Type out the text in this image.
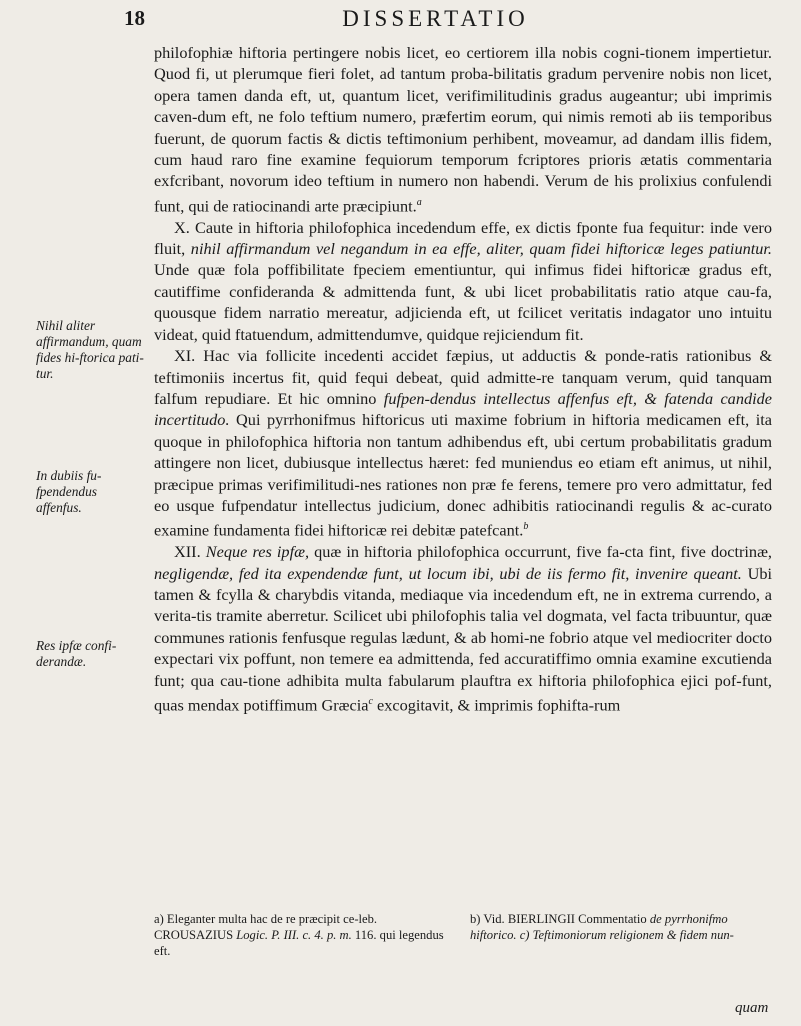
18	DISSERTATIO
Nihil aliter affirmandum, quam fides hi-ftorica pati-tur.
In dubiis fu-fpendendus affenfus.
Res ipfæ confi-derandæ.

philofophiæ hiftoria pertingere nobis licet, eo certiorem illa nobis cogni-tionem impertietur. Quod fi, ut plerumque fieri folet, ad tantum proba-bilitatis gradum pervenire nobis non licet, opera tamen danda eft, ut, quantum licet, verifimilitudinis gradus augeantur; ubi imprimis caven-dum eft, ne folo teftium numero, præfertim eorum, qui nimis remoti ab iis temporibus fuerunt, de quorum factis & dictis teftimonium perhibent, moveamur, ad dandam illis fidem, cum haud raro fine examine fequiorum temporum fcriptores prioris ætatis commentaria exfcribant, novorum ideo teftium in numero non habendi. Verum de his prolixius confulendi funt, qui de ratiocinandi arte præcipiunt.$^a$

X. Caute in hiftoria philofophica incedendum effe, ex dictis fponte fua fequitur: inde vero fluit, nihil affirmandum vel negandum in ea effe, aliter, quam fidei hiftoricæ leges patiuntur. Unde quæ fola poffibilitate fpeciem ementiuntur, qui infimus fidei hiftoricæ gradus eft, cautiffime confideranda & admittenda funt, & ubi licet probabilitatis ratio atque cau-fa, quousque fidem narratio mereatur, adjicienda eft, ut fcilicet veritatis indagator uno intuitu videat, quid ftatuendum, admittendumve, quidque rejiciendum fit.

XI. Hac via follicite incedenti accidet fæpius, ut adductis & ponde-ratis rationibus & teftimoniis incertus fit, quid fequi debeat, quid admitte-re tanquam verum, quid tanquam falfum repudiare. Et hic omnino fufpen-dendus intellectus affenfus eft, & fatenda candide incertitudo. Qui pyrrhonifmus hiftoricus uti maxime fobrium in hiftoria medicamen eft, ita quoque in philofophica hiftoria non tantum adhibendus eft, ubi certum probabilitatis gradum attingere non licet, dubiusque intellectus hæret: fed muniendus eo etiam eft animus, ut nihil, præcipue primas verifimilitudi-nes rationes non præ fe ferens, temere pro vero admittatur, fed eo usque fufpendatur intellectus judicium, donec adhibitis ratiocinandi regulis & ac-curato examine fundamenta fidei hiftoricæ rei debitæ patefcant.$^b$

XII. Neque res ipfæ, quæ in hiftoria philofophica occurrunt, five fa-cta fint, five doctrinæ, negligendæ, fed ita expendendæ funt, ut locum ibi, ubi de iis fermo fit, invenire queant. Ubi tamen & fcylla & charybdis vitanda, mediaque via incedendum eft, ne in extrema currendo, a verita-tis tramite aberretur. Scilicet ubi philofophis talia vel dogmata, vel facta tribuuntur, quæ communes rationis fenfusque regulas lædunt, & ab homi-ne fobrio atque vel mediocriter docto expectari vix poffunt, non temere ea admittenda, fed accuratiffimo omnia examine excutienda funt; qua cau-tione adhibita multa fabularum plauftra ex hiftoria philofophica ejici pof-funt, quas mendax potiffimum Græcia$^c$ excogitavit, & imprimis fophifta-rum

a) Eleganter multa hac de re præcipit ce-leb. CROUSAZIUS Logic. P. III. c. 4. p. m. 116. qui legendus eft.
b) Vid. BIERLINGII Commentatio de pyrrhonifmo hiftorico. c) Teftimoniorum religionem & fidem nun-
quam
